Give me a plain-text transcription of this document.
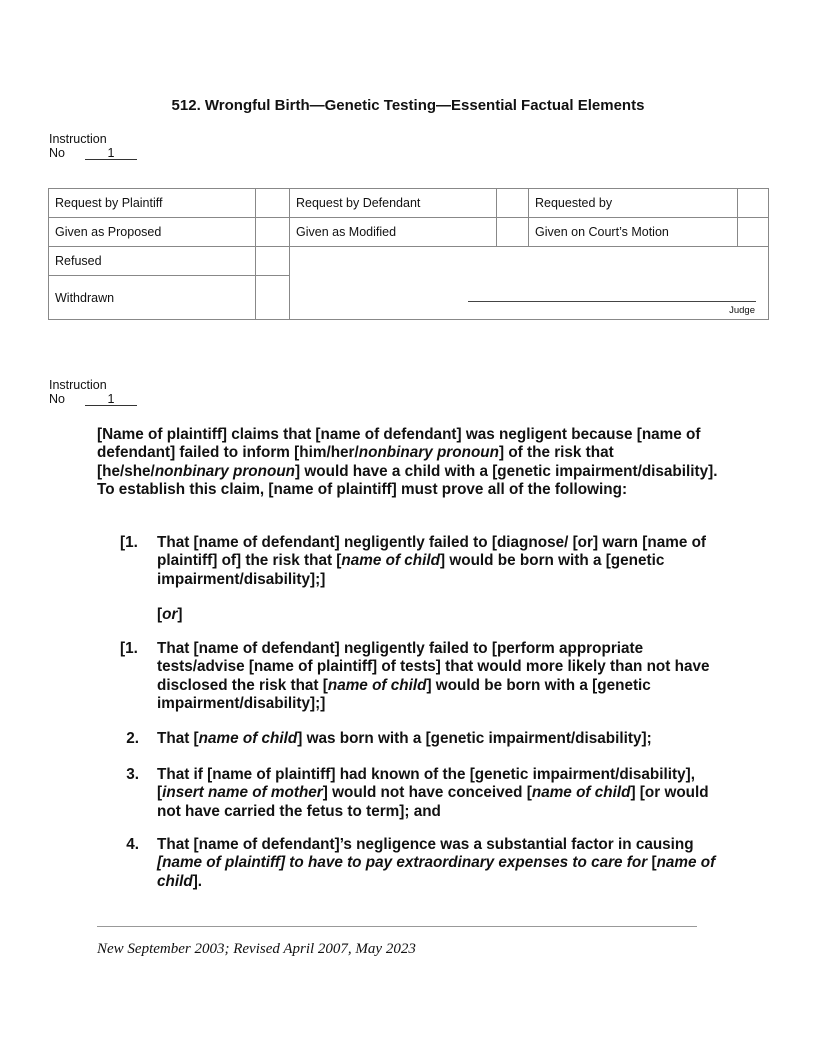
512. Wrongful Birth—Genetic Testing—Essential Factual Elements
Instruction
No	1
Request by Plaintiff		Request by Defendant		Requested by	
Given as Proposed		Given as Modified		Given on Court’s Motion	
Refused		Judge			

Withdrawn					
Instruction
No	1
[Name of plaintiff] claims that [name of defendant] was negligent because [name of defendant] failed to inform [him/her/nonbinary pronoun] of the risk that [he/she/nonbinary pronoun] would have a child with a [genetic impairment/disability]. To establish this claim, [name of plaintiff] must prove all of the following:
[1.	That [name of defendant] negligently failed to [diagnose/ [or] warn [name of plaintiff] of] the risk that [name of child] would be born with a [genetic impairment/disability];]
[or]
[1.	That [name of defendant] negligently failed to [perform appropriate tests/advise [name of plaintiff] of tests] that would more likely than not have disclosed the risk that [name of child] would be born with a [genetic impairment/disability];]
2. That [name of child] was born with a [genetic impairment/disability];
3. That if [name of plaintiff] had known of the [genetic impairment/disability], [insert name of mother] would not have conceived [name of child] [or would not have carried the fetus to term]; and
4. That [name of defendant]’s negligence was a substantial factor in causing [name of plaintiff] to have to pay extraordinary expenses to care for [name of child].
New September 2003; Revised April 2007, May 2023
